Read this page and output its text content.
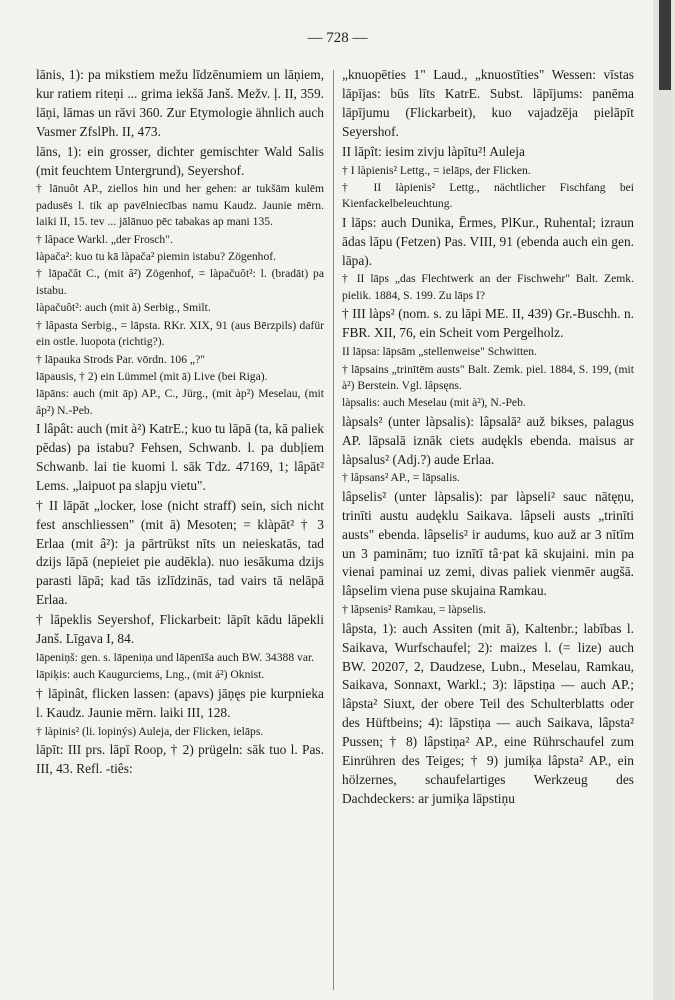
— 728 —

lānis, 1): pa mikstiem mežu līdzēnumiem un lāņiem, kur ratiem riteņi ... grima iekšā Janš. Mežv. ļ. II, 359. lāņi, lāmas un rāvi 360. Zur Etymologie ähnlich auch Vasmer ZfslPh. II, 473.

lāns, 1): ein grosser, dichter gemischter Wald Salis (mit feuchtem Untergrund), Seyershof.

† lānuôt AP., ziellos hin und her gehen: ar tukšām kulēm padusēs l. tik ap pavēlniecības namu Kaudz. Jaunie mērn. laiki II, 15. tev ... jālānuo pēc tabakas ap mani 135.

† lâpace Warkl. „der Frosch".

làpača²: kuo tu kā làpača² piemin istabu? Zögenhof.

† lāpačât C., (mit â²) Zögenhof, = làpačuôt²: l. (bradāt) pa istabu.

làpačuôt²: auch (mit à) Serbig., Smilt.

† lâpasta Serbig., = lāpsta. RKr. XIX, 91 (aus Bērzpils) dafür ein ostle. luopota (richtig?).

† lāpauka Strods Par. vōrdn. 106 „?"

lāpausis, † 2) ein Lümmel (mit ā) Live (bei Riga).

lāpāns: auch (mit āp) AP., C., Jürg., (mit àp²) Meselau, (mit âp²) N.-Peb.

I lâpât: auch (mit à²) KatrE.; kuo tu lāpā (ta, kā paliek pēdas) pa istabu? Fehsen, Schwanb. l. pa dubļiem Schwanb. lai tie kuomi l. sāk Tdz. 47169, 1; lâpāt² Lems. „laipuot pa slapju vietu".

† II lāpāt „locker, lose (nicht straff) sein, sich nicht fest anschliessen" (mit ā) Mesoten; = klàpāt² † 3 Erlaa (mit â²): ja pārtrūkst nīts un neieskatās, tad dzijs lāpā (nepieiet pie audēkla). nuo iesākuma dzijs parasti lāpā; kad tās izlīdzinās, tad vairs tā nelāpā Erlaa.

† lāpeklis Seyershof, Flickarbeit: lāpīt kādu lāpekli Janš. Līgava I, 84.

lāpeniņš: gen. s. lāpeniņa und lāpenīša auch BW. 34388 var.

lāpiķis: auch Kaugurciems, Lng., (mit á²) Oknist.

† lāpinât, flicken lassen: (apavs) jāņęs pie kurpnieka l. Kaudz. Jaunie mērn. laiki III, 128.

† làpinis² (li. lopinýs) Auleja, der Flicken, ielāps.

lāpīt: III prs. lāpī Roop, † 2) prügeln: sāk tuo l. Pas. III, 43. Refl. -tiês:

„knuopēties 1" Laud., „knuostīties" Wessen: vīstas lāpījas: būs līts KatrE. Subst. lāpījums: panēma lāpījumu (Flickarbeit), kuo vajadzēja pielāpīt Seyershof.

II lāpît: iesim zivju làpītu²! Auleja

† I làpienis² Lettg., = ielāps, der Flicken.

† II làpienis² Lettg., nächtlicher Fischfang bei Kienfackelbeleuchtung.

I lāps: auch Dunika, Ērmes, PlKur., Ruhental; izraun ādas lāpu (Fetzen) Pas. VIII, 91 (ebenda auch ein gen. lāpa).

† II lāps „das Flechtwerk an der Fischwehr" Balt. Zemk. pielik. 1884, S. 199. Zu lāps I?

† III làps² (nom. s. zu lāpi ME. II, 439) Gr.-Buschh. n. FBR. XII, 76, ein Scheit vom Pergelholz.

II lāpsa: lāpsām „stellenweise" Schwitten.

† lāpsains „trinītēm austs" Balt. Zemk. piel. 1884, S. 199, (mit à²) Berstein. Vgl. lâpsęns.

làpsalis: auch Meselau (mit à²), N.-Peb.

làpsals² (unter làpsalis): lâpsalā² auž bikses, palagus AP. lāpsalā iznāk ciets audękls ebenda. maisus ar làpsalus² (Adj.?) aude Erlaa.

† lâpsans² AP., = lāpsalis.

lâpselis² (unter làpsalis): par làpseli² sauc nātęņu, trinīti austu audęklu Saikava. lâpseli austs „trinīti austs" ebenda. lâpselis² ir audums, kuo auž ar 3 nītīm un 3 paminām; tuo iznītī tâ·pat kā skujaini. min pa vienai paminai uz zemi, divas paliek vienmēr augšā. lâpselim viena puse skujaina Ramkau.

† lâpsenis² Ramkau, = làpselis.

lâpsta, 1): auch Assiten (mit ā), Kaltenbr.; labības l. Saikava, Wurfschaufel; 2): maizes l. (= lize) auch BW. 20207, 2, Daudzese, Lubn., Meselau, Ramkau, Saikava, Sonnaxt, Warkl.; 3): lāpstiņa — auch AP.; lâpsta² Siuxt, der obere Teil des Schulterblatts oder des Hüftbeins; 4): lāpstiņa — auch Saikava, lâpsta² Pussen; † 8) lâpstiņa² AP., eine Rührschaufel zum Einrühren des Teiges; † 9) jumiķa lâpsta² AP., ein hölzernes, schaufelartiges Werkzeug des Dachdeckers: ar jumiķa lāpstiņu
